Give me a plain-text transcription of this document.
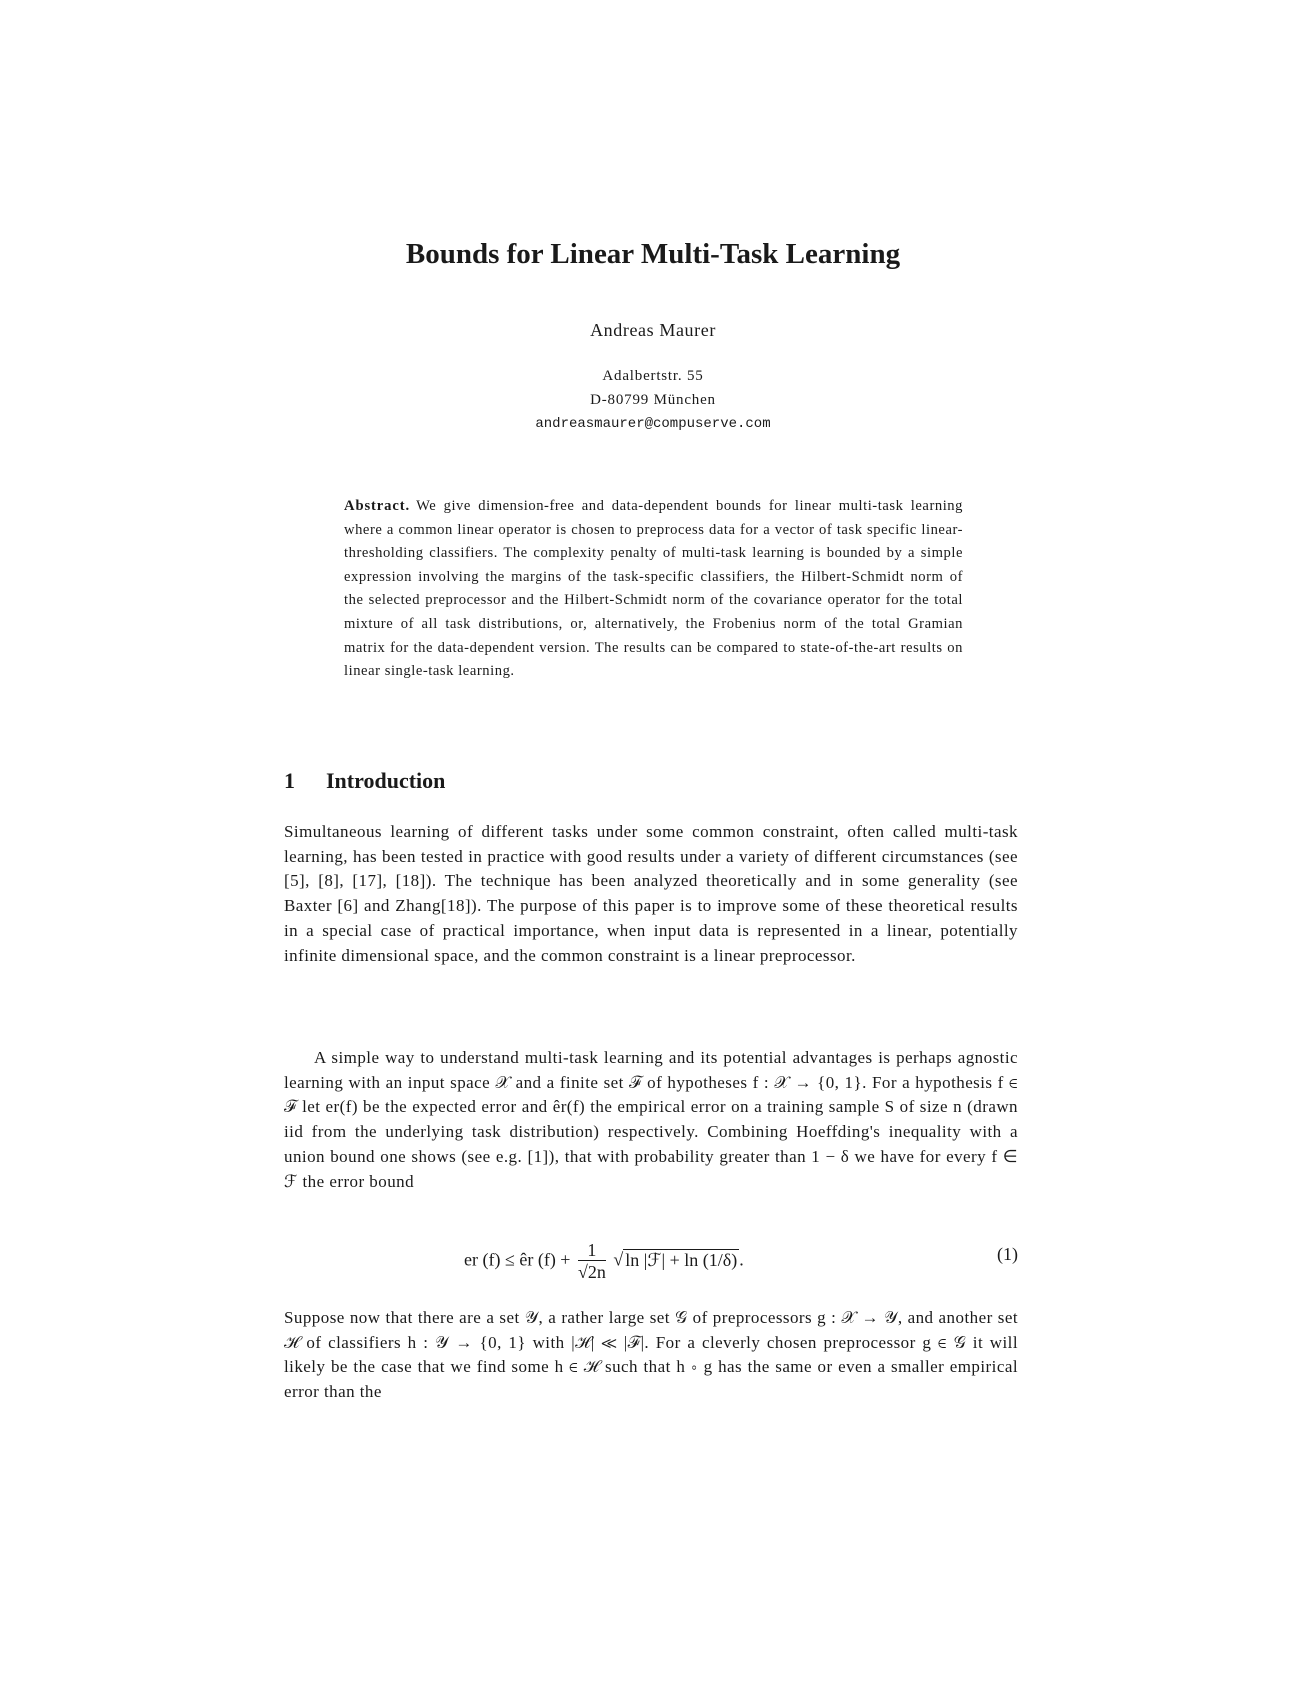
Bounds for Linear Multi-Task Learning
Andreas Maurer
Adalbertstr. 55
D-80799 München
andreasmaurer@compuserve.com
Abstract. We give dimension-free and data-dependent bounds for linear multi-task learning where a common linear operator is chosen to preprocess data for a vector of task specific linear-thresholding classifiers. The complexity penalty of multi-task learning is bounded by a simple expression involving the margins of the task-specific classifiers, the Hilbert-Schmidt norm of the selected preprocessor and the Hilbert-Schmidt norm of the covariance operator for the total mixture of all task distributions, or, alternatively, the Frobenius norm of the total Gramian matrix for the data-dependent version. The results can be compared to state-of-the-art results on linear single-task learning.
1 Introduction
Simultaneous learning of different tasks under some common constraint, often called multi-task learning, has been tested in practice with good results under a variety of different circumstances (see [5], [8], [17], [18]). The technique has been analyzed theoretically and in some generality (see Baxter [6] and Zhang[18]). The purpose of this paper is to improve some of these theoretical results in a special case of practical importance, when input data is represented in a linear, potentially infinite dimensional space, and the common constraint is a linear preprocessor.
A simple way to understand multi-task learning and its potential advantages is perhaps agnostic learning with an input space 𝒳 and a finite set ℱ of hypotheses f : 𝒳 → {0, 1}. For a hypothesis f ∈ ℱ let er(f) be the expected error and êr(f) the empirical error on a training sample S of size n (drawn iid from the underlying task distribution) respectively. Combining Hoeffding's inequality with a union bound one shows (see e.g. [1]), that with probability greater than 1 − δ we have for every f ∈ ℱ the error bound
er (f) ≤ êr $(f) + \frac{1}{√2n}$ √ ln |ℱ| + ln (1/δ) .	(1)
Suppose now that there are a set 𝒴, a rather large set 𝒢 of preprocessors g : 𝒳 → 𝒴, and another set ℋ of classifiers h : 𝒴 → {0, 1} with |ℋ| ≪ |ℱ|. For a cleverly chosen preprocessor g ∈ 𝒢 it will likely be the case that we find some h ∈ ℋ such that h ∘ g has the same or even a smaller empirical error than the
